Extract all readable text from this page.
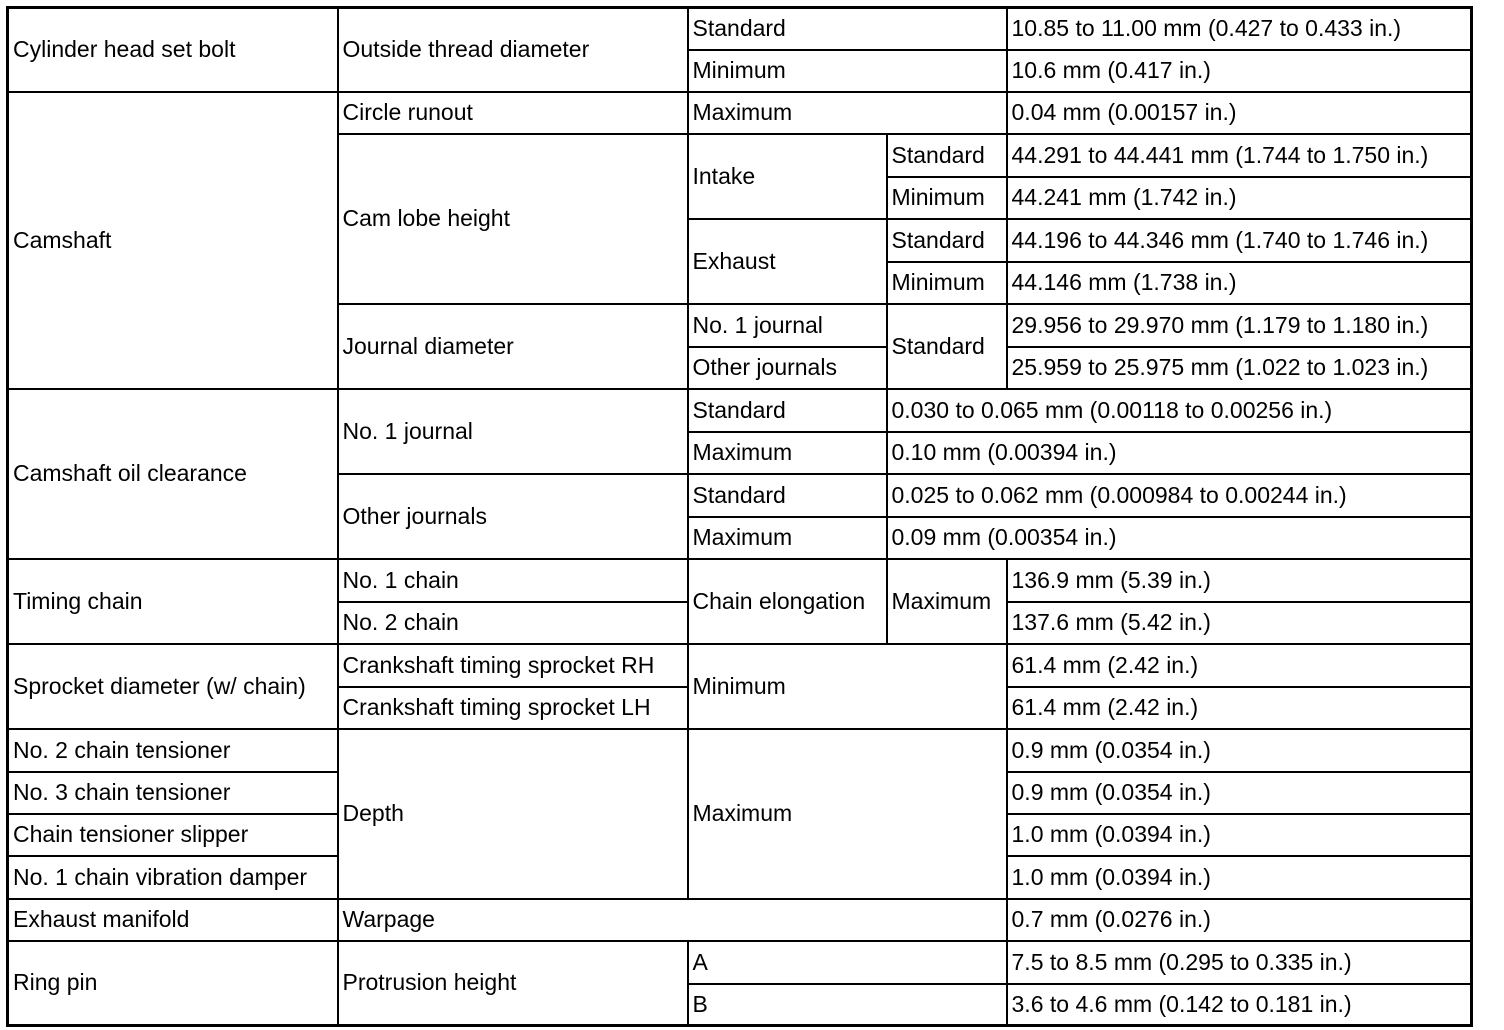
Cylinder head set bolt	Outside thread diameter	Standard		10.85 to 11.00 mm (0.427 to 0.433 in.)
		Minimum		10.6 mm (0.417 in.)
Camshaft	Circle runout	Maximum		0.04 mm (0.00157 in.)
	Cam lobe height	Intake	Standard	44.291 to 44.441 mm (1.744 to 1.750 in.)
			Minimum	44.241 mm (1.742 in.)
		Exhaust	Standard	44.196 to 44.346 mm (1.740 to 1.746 in.)
			Minimum	44.146 mm (1.738 in.)
	Journal diameter	No. 1 journal	Standard	29.956 to 29.970 mm (1.179 to 1.180 in.)
		Other journals		25.959 to 25.975 mm (1.022 to 1.023 in.)
Camshaft oil clearance	No. 1 journal	Standard	0.030 to 0.065 mm (0.00118 to 0.00256 in.)	
		Maximum	0.10 mm (0.00394 in.)	
	Other journals	Standard	0.025 to 0.062 mm (0.000984 to 0.00244 in.)	
		Maximum	0.09 mm (0.00354 in.)	
Timing chain	No. 1 chain	Chain elongation	Maximum	136.9 mm (5.39 in.)
	No. 2 chain			137.6 mm (5.42 in.)
Sprocket diameter (w/ chain)	Crankshaft timing sprocket RH	Minimum		61.4 mm (2.42 in.)
	Crankshaft timing sprocket LH			61.4 mm (2.42 in.)
No. 2 chain tensioner	Depth	Maximum		0.9 mm (0.0354 in.)
No. 3 chain tensioner				0.9 mm (0.0354 in.)
Chain tensioner slipper				1.0 mm (0.0394 in.)
No. 1 chain vibration damper				1.0 mm (0.0394 in.)
Exhaust manifold	Warpage			0.7 mm (0.0276 in.)
Ring pin	Protrusion height	A		7.5 to 8.5 mm (0.295 to 0.335 in.)
		B		3.6 to 4.6 mm (0.142 to 0.181 in.)
